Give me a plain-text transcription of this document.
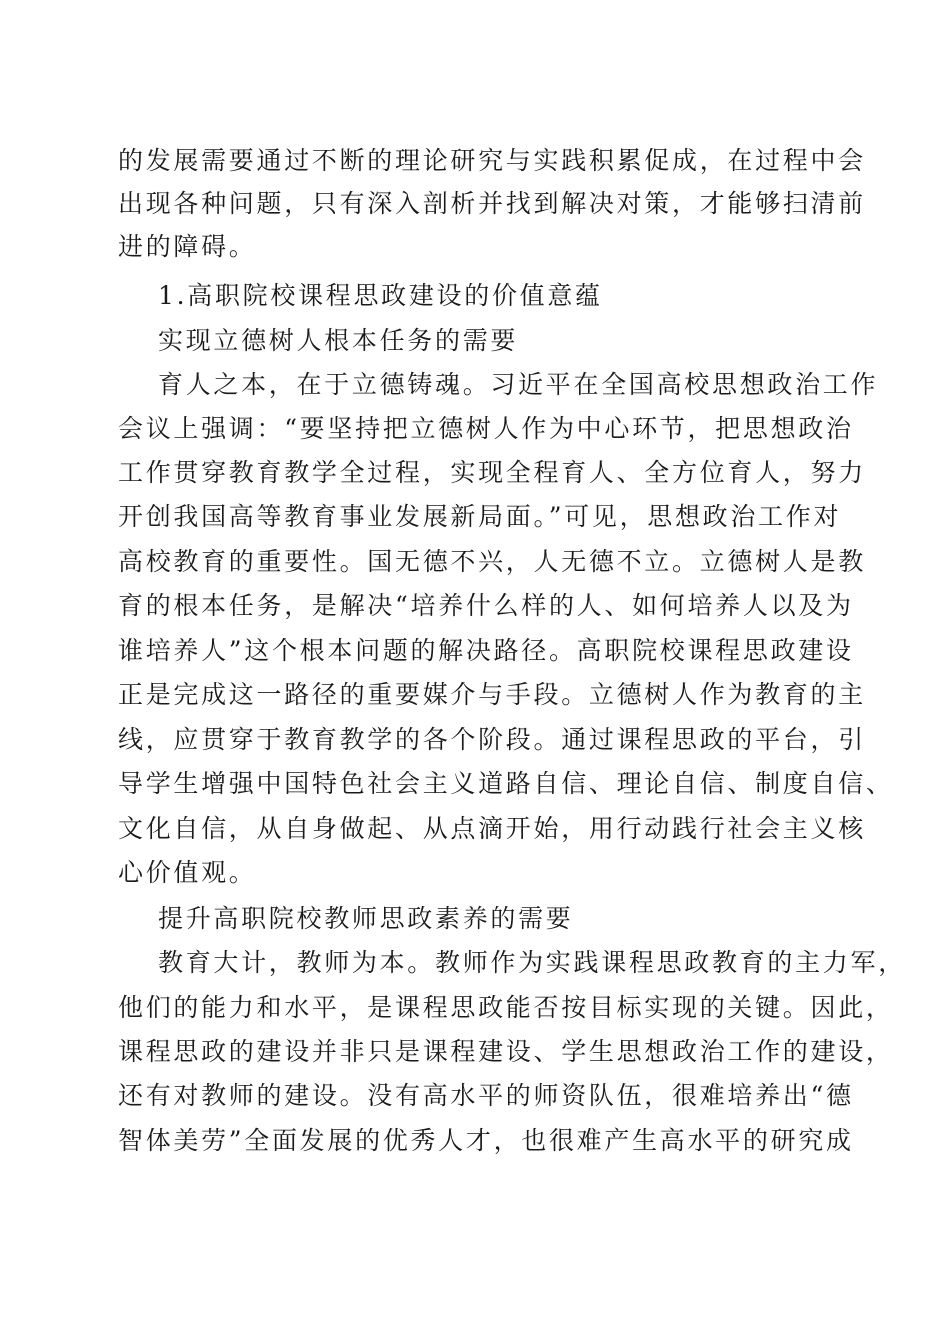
的发展需要通过不断的理论研究与实践积累促成，在过程中会
出现各种问题，只有深入剖析并找到解决对策，才能够扫清前
进的障碍。
1.高职院校课程思政建设的价值意蕴
实现立德树人根本任务的需要
育人之本，在于立德铸魂。习近平在全国高校思想政治工作
会议上强调：“要坚持把立德树人作为中心环节，把思想政治
工作贯穿教育教学全过程，实现全程育人、全方位育人，努力
开创我国高等教育事业发展新局面。”可见，思想政治工作对
高校教育的重要性。国无德不兴，人无德不立。立德树人是教
育的根本任务，是解决“培养什么样的人、如何培养人以及为
谁培养人”这个根本问题的解决路径。高职院校课程思政建设
正是完成这一路径的重要媒介与手段。立德树人作为教育的主
线，应贯穿于教育教学的各个阶段。通过课程思政的平台，引
导学生增强中国特色社会主义道路自信、理论自信、制度自信、
文化自信，从自身做起、从点滴开始，用行动践行社会主义核
心价值观。
提升高职院校教师思政素养的需要
教育大计，教师为本。教师作为实践课程思政教育的主力军，
他们的能力和水平，是课程思政能否按目标实现的关键。因此，
课程思政的建设并非只是课程建设、学生思想政治工作的建设，
还有对教师的建设。没有高水平的师资队伍，很难培养出“德
智体美劳”全面发展的优秀人才，也很难产生高水平的研究成
